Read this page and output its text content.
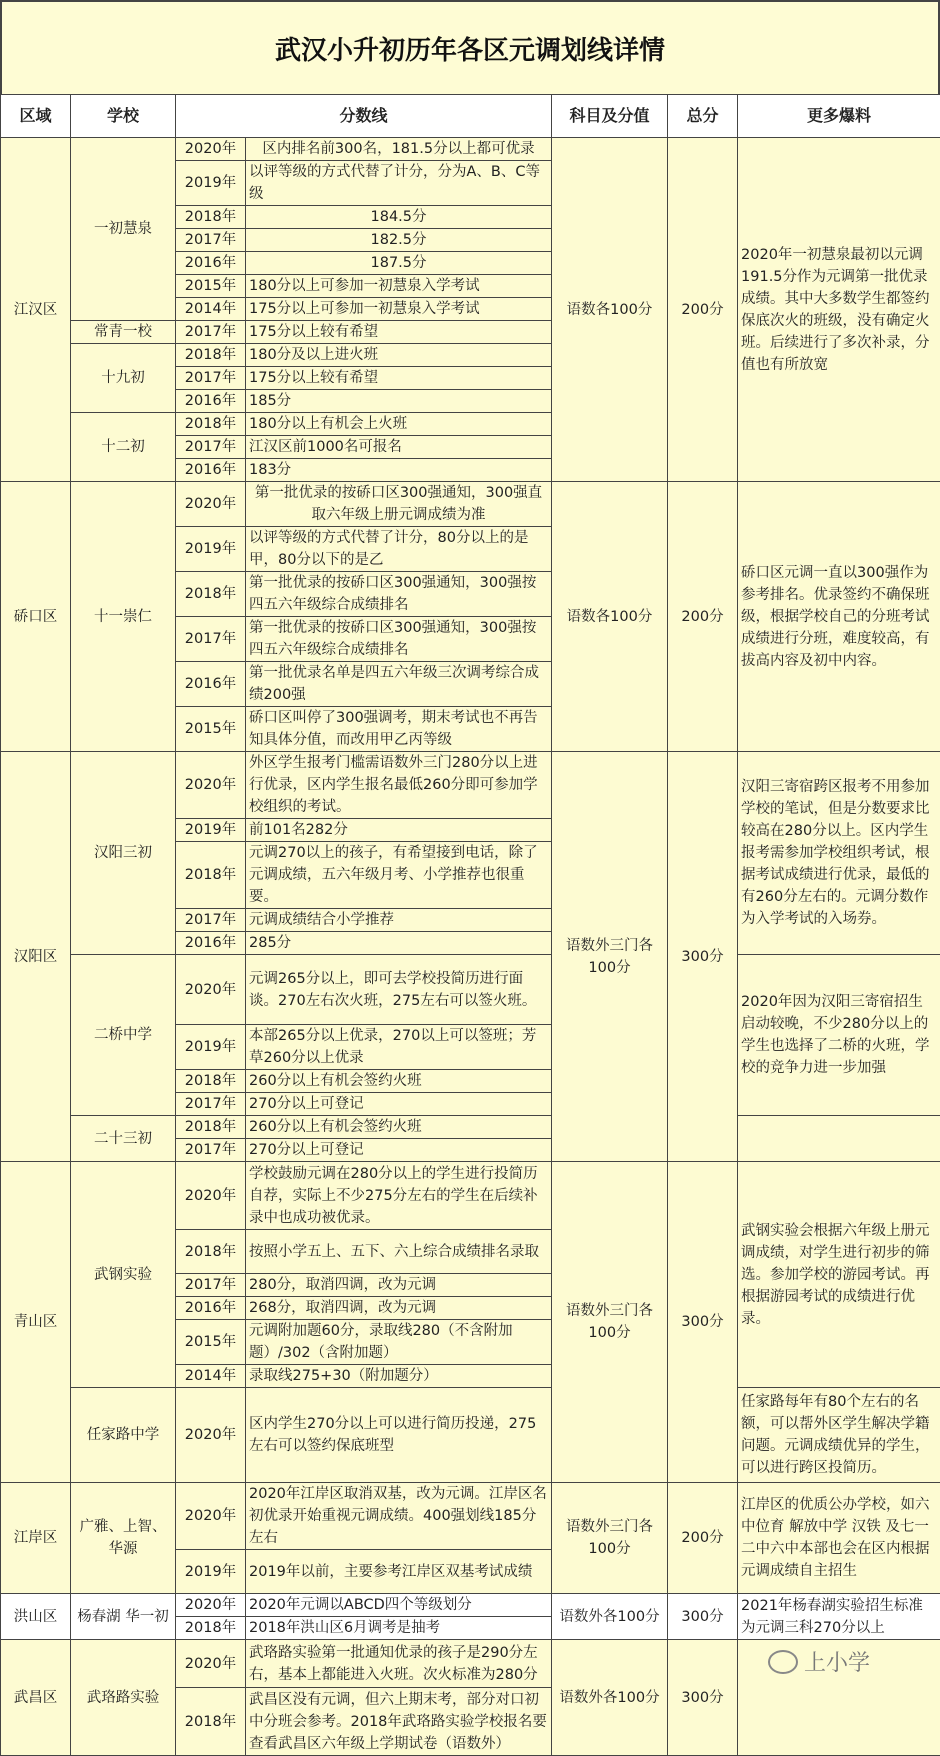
武汉小升初历年各区元调划线详情
区域	学校	分数线		科目及分值	总分	更多爆料
江汉区	一初慧泉	2020年	区内排名前300名，181.5分以上都可优录	语数各100分	200分	2020年一初慧泉最初以元调191.5分作为元调第一批优录成绩。其中大多数学生都签约保底次火的班级，没有确定火班。后续进行了多次补录，分值也有所放宽
		2019年	以评等级的方式代替了计分，分为A、B、C等级			
		2018年	184.5分			
		2017年	182.5分			
		2016年	187.5分			
		2015年	180分以上可参加一初慧泉入学考试			
		2014年	175分以上可参加一初慧泉入学考试			
	常青一校	2017年	175分以上较有希望			
	十九初	2018年	180分及以上进火班			
		2017年	175分以上较有希望			
		2016年	185分			
	十二初	2018年	180分以上有机会上火班			
		2017年	江汉区前1000名可报名			
		2016年	183分			
硚口区	十一崇仁	2020年	第一批优录的按硚口区300强通知，300强直取六年级上册元调成绩为准	语数各100分	200分	硚口区元调一直以300强作为参考排名。优录签约不确保班级，根据学校自己的分班考试成绩进行分班，难度较高，有拔高内容及初中内容。
		2019年	以评等级的方式代替了计分，80分以上的是甲，80分以下的是乙			
		2018年	第一批优录的按硚口区300强通知，300强按四五六年级综合成绩排名			
		2017年	第一批优录的按硚口区300强通知，300强按四五六年级综合成绩排名			
		2016年	第一批优录名单是四五六年级三次调考综合成绩200强			
		2015年	硚口区叫停了300强调考，期末考试也不再告知具体分值，而改用甲乙丙等级			
汉阳区	汉阳三初	2020年	外区学生报考门槛需语数外三门280分以上进行优录，区内学生报名最低260分即可参加学校组织的考试。	语数外三门各100分	300分	汉阳三寄宿跨区报考不用参加学校的笔试，但是分数要求比较高在280分以上。区内学生报考需参加学校组织考试，根据考试成绩进行优录，最低的有260分左右的。元调分数作为入学考试的入场券。
		2019年	前101名282分			
		2018年	元调270以上的孩子，有希望接到电话，除了元调成绩，五六年级月考、小学推荐也很重要。			
		2017年	元调成绩结合小学推荐			
		2016年	285分			
	二桥中学	2020年	元调265分以上，即可去学校投简历进行面谈。270左右次火班，275左右可以签火班。			2020年因为汉阳三寄宿招生启动较晚，不少280分以上的学生也选择了二桥的火班，学校的竞争力进一步加强
		2019年	本部265分以上优录，270以上可以签班；芳草260分以上优录			
		2018年	260分以上有机会签约火班			
		2017年	270分以上可登记			
	二十三初	2018年	260分以上有机会签约火班			
		2017年	270分以上可登记			
青山区	武钢实验	2020年	学校鼓励元调在280分以上的学生进行投简历自荐，实际上不少275分左右的学生在后续补录中也成功被优录。	语数外三门各100分	300分	武钢实验会根据六年级上册元调成绩，对学生进行初步的筛选。参加学校的游园考试。再根据游园考试的成绩进行优录。
		2018年	按照小学五上、五下、六上综合成绩排名录取			
		2017年	280分，取消四调，改为元调			
		2016年	268分，取消四调，改为元调			
		2015年	元调附加题60分，录取线280（不含附加题）/302（含附加题）			
		2014年	录取线275+30（附加题分）			
	任家路中学	2020年	区内学生270分以上可以进行简历投递，275左右可以签约保底班型			任家路每年有80个左右的名额，可以帮外区学生解决学籍问题。元调成绩优异的学生，可以进行跨区投简历。
江岸区	广雅、上智、华源	2020年	2020年江岸区取消双基，改为元调。江岸区名初优录开始重视元调成绩。400强划线185分左右	语数外三门各100分	200分	江岸区的优质公办学校，如六中位育 解放中学 汉铁 及七一二中六中本部也会在区内根据元调成绩自主招生
		2019年	2019年以前，主要参考江岸区双基考试成绩			
洪山区	杨春湖 华一初	2020年	2020年元调以ABCD四个等级划分	语数外各100分	300分	2021年杨春湖实验招生标准为元调三科270分以上
		2018年	2018年洪山区6月调考是抽考			
武昌区	武珞路实验	2020年	武珞路实验第一批通知优录的孩子是290分左右，基本上都能进入火班。次火标准为280分	语数外各100分	300分	
		2018年	武昌区没有元调，但六上期末考，部分对口初中分班会参考。2018年武珞路实验学校报名要查看武昌区六年级上学期试卷（语数外）			
上小学
